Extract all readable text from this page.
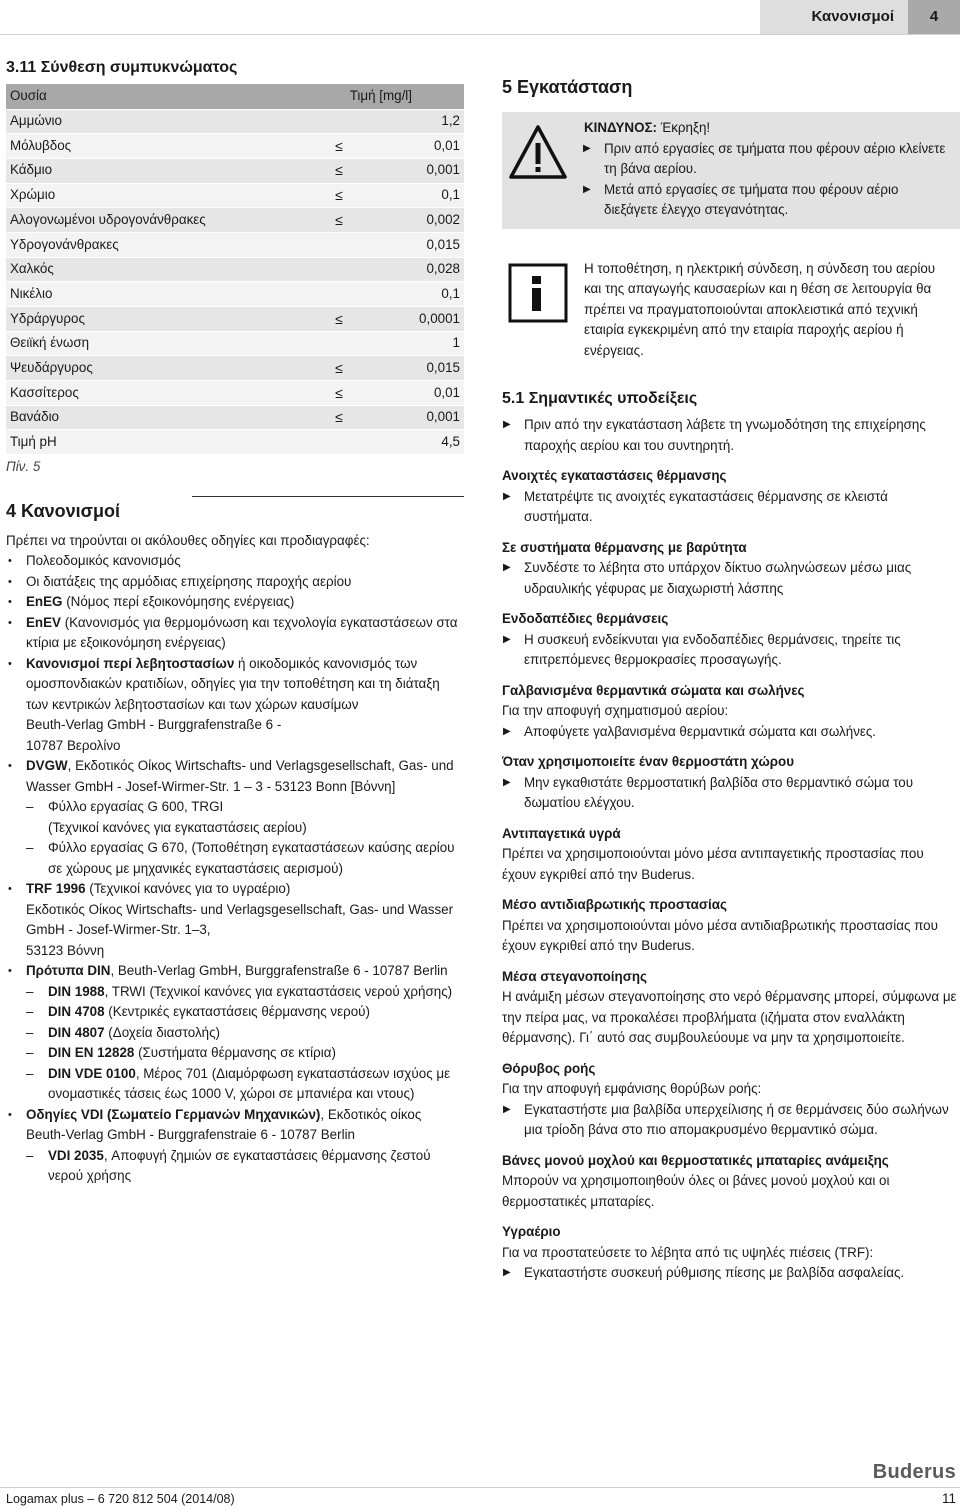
Κανονισμοί	4
3.11 Σύνθεση συμπυκνώματος
Ουσία	Τιμή [mg/l]	
Αμμώνιο		1,2
Μόλυβδος	≤	0,01
Κάδμιο	≤	0,001
Χρώμιο	≤	0,1
Αλογονωμένοι υδρογονάνθρακες	≤	0,002
Υδρογονάνθρακες		0,015
Χαλκός		0,028
Νικέλιο		0,1
Υδράργυρος	≤	0,0001
Θειϊκή ένωση		1
Ψευδάργυρος	≤	0,015
Κασσίτερος	≤	0,01
Βανάδιο	≤	0,001
Τιμή pH		4,5
Πίν. 5
4 Κανονισμοί

Πρέπει να τηρούνται οι ακόλουθες οδηγίες και προδιαγραφές:

• Πολεοδομικός κανονισμός
• Οι διατάξεις της αρμόδιας επιχείρησης παροχής αερίου
• EnEG (Νόμος περί εξοικονόμησης ενέργειας)
• EnEV (Κανονισμός για θερμομόνωση και τεχνολογία εγκαταστάσεων στα κτίρια με εξοικονόμηση ενέργειας)
• Κανονισμοί περί λεβητοστασίων ή οικοδομικός κανονισμός των ομοσπονδιακών κρατιδίων, οδηγίες για την τοποθέτηση και τη διάταξη των κεντρικών λεβητοστασίων και των χώρων καυσίμων
Beuth-Verlag GmbH - Burggrafenstraße 6 -
10787 Βερολίνο
• DVGW, Εκδοτικός Οίκος Wirtschafts- und Verlagsgesellschaft, Gas- und Wasser GmbH - Josef-Wirmer-Str. 1 – 3 - 53123 Bonn [Βόννη]
– Φύλλο εργασίας G 600, TRGI
(Τεχνικοί κανόνες για εγκαταστάσεις αερίου)
– Φύλλο εργασίας G 670, (Τοποθέτηση εγκαταστάσεων καύσης αερίου σε χώρους με μηχανικές εγκαταστάσεις αερισμού)
• TRF 1996 (Τεχνικοί κανόνες για το υγραέριο)
Εκδοτικός Οίκος Wirtschafts- und Verlagsgesellschaft, Gas- und Wasser GmbH - Josef-Wirmer-Str. 1–3,
53123 Βόννη
• Πρότυπα DIN, Beuth-Verlag GmbH, Burggrafenstraße 6 - 10787 Berlin
– DIN 1988, TRWI (Τεχνικοί κανόνες για εγκαταστάσεις νερού χρήσης)
– DIN 4708 (Κεντρικές εγκαταστάσεις θέρμανσης νερού)
– DIN 4807 (Δοχεία διαστολής)
– DIN EN 12828 (Συστήματα θέρμανσης σε κτίρια)
– DIN VDE 0100, Μέρος 701 (Διαμόρφωση εγκαταστάσεων ισχύος με ονομαστικές τάσεις έως 1000 V, χώροι σε μπανιέρα και ντους)
• Οδηγίες VDI (Σωματείο Γερμανών Μηχανικών), Εκδοτικός οίκος Beuth-Verlag GmbH - Burggrafenstraie 6 - 10787 Berlin
– VDI 2035, Αποφυγή ζημιών σε εγκαταστάσεις θέρμανσης ζεστού νερού χρήσης
5 Εγκατάσταση
ΚΙΝΔΥΝΟΣ: Έκρηξη!
▶ Πριν από εργασίες σε τμήματα που φέρουν αέριο κλείνετε τη βάνα αερίου.
▶ Μετά από εργασίες σε τμήματα που φέρουν αέριο διεξάγετε έλεγχο στεγανότητας.
Η τοποθέτηση, η ηλεκτρική σύνδεση, η σύνδεση του αερίου και της απαγωγής καυσαερίων και η θέση σε λειτουργία θα πρέπει να πραγματοποιούνται αποκλειστικά από τεχνική εταιρία εγκεκριμένη από την εταιρία παροχής αερίου ή ενέργειας.
5.1 Σημαντικές υποδείξεις
▶ Πριν από την εγκατάσταση λάβετε τη γνωμοδότηση της επιχείρησης παροχής αερίου και του συντηρητή.
Ανοιχτές εγκαταστάσεις θέρμανσης
▶ Μετατρέψτε τις ανοιχτές εγκαταστάσεις θέρμανσης σε κλειστά συστήματα.
Σε συστήματα θέρμανσης με βαρύτητα
▶ Συνδέστε το λέβητα στο υπάρχον δίκτυο σωληνώσεων μέσω μιας υδραυλικής γέφυρας με διαχωριστή λάσπης
Ενδοδαπέδιες θερμάνσεις
▶ Η συσκευή ενδείκνυται για ενδοδαπέδιες θερμάνσεις, τηρείτε τις επιτρεπόμενες θερμοκρασίες προσαγωγής.
Γαλβανισμένα θερμαντικά σώματα και σωλήνες

Για την αποφυγή σχηματισμού αερίου:

▶ Αποφύγετε γαλβανισμένα θερμαντικά σώματα και σωλήνες.
Όταν χρησιμοποιείτε έναν θερμοστάτη χώρου
▶ Μην εγκαθιστάτε θερμοστατική βαλβίδα στο θερμαντικό σώμα του δωματίου ελέγχου.
Αντιπαγετικά υγρά

Πρέπει να χρησιμοποιούνται μόνο μέσα αντιπαγετικής προστασίας που έχουν εγκριθεί από την Buderus.

Μέσο αντιδιαβρωτικής προστασίας

Πρέπει να χρησιμοποιούνται μόνο μέσα αντιδιαβρωτικής προστασίας που έχουν εγκριθεί από την Buderus.

Μέσα στεγανοποίησης

Η ανάμιξη μέσων στεγανοποίησης στο νερό θέρμανσης μπορεί, σύμφωνα με την πείρα μας, να προκαλέσει προβλήματα (ιζήματα στον εναλλάκτη θέρμανσης). Γι΄ αυτό σας συμβουλεύουμε να μην τα χρησιμοποιείτε.

Θόρυβος ροής

Για την αποφυγή εμφάνισης θορύβων ροής:

▶ Εγκαταστήστε μια βαλβίδα υπερχείλισης ή σε θερμάνσεις δύο σωλήνων μια τρίοδη βάνα στο πιο απομακρυσμένο θερμαντικό σώμα.
Βάνες μονού μοχλού και θερμοστατικές μπαταρίες ανάμειξης

Μπορούν να χρησιμοποιηθούν όλες οι βάνες μονού μοχλού και οι θερμοστατικές μπαταρίες.

Υγραέριο

Για να προστατεύσετε το λέβητα από τις υψηλές πιέσεις (TRF):

▶ Εγκαταστήστε συσκευή ρύθμισης πίεσης με βαλβίδα ασφαλείας.
Buderus
Logamax plus – 6 720 812 504 (2014/08)	11
